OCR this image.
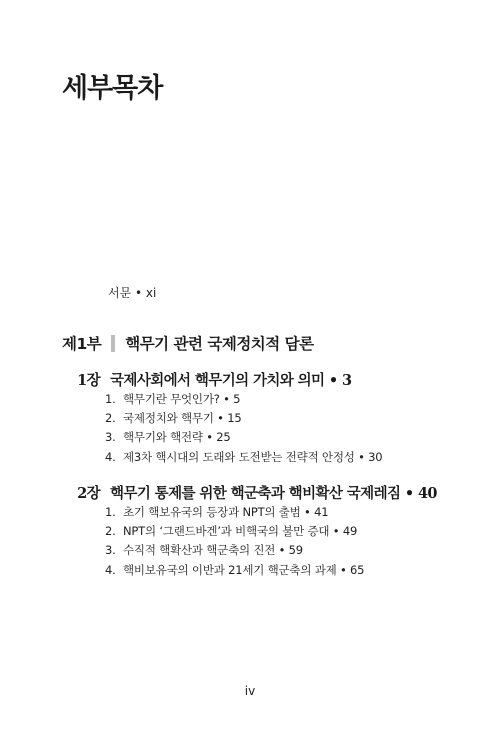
세부목차
서문 • xi
제1부 핵무기 관련 국제정치적 담론
1장 국제사회에서 핵무기의 가치와 의미 • 3
1. 핵무기란 무엇인가? • 5
2. 국제정치와 핵무기 • 15
3. 핵무기와 핵전략 • 25
4. 제3차 핵시대의 도래와 도전받는 전략적 안정성 • 30
2장 핵무기 통제를 위한 핵군축과 핵비확산 국제레짐 • 40
1. 초기 핵보유국의 등장과 NPT의 출범 • 41
2. NPT의 ‘그랜드바겐’과 비핵국의 불만 증대 • 49
3. 수직적 핵확산과 핵군축의 진전 • 59
4. 핵비보유국의 이반과 21세기 핵군축의 과제 • 65
iv
